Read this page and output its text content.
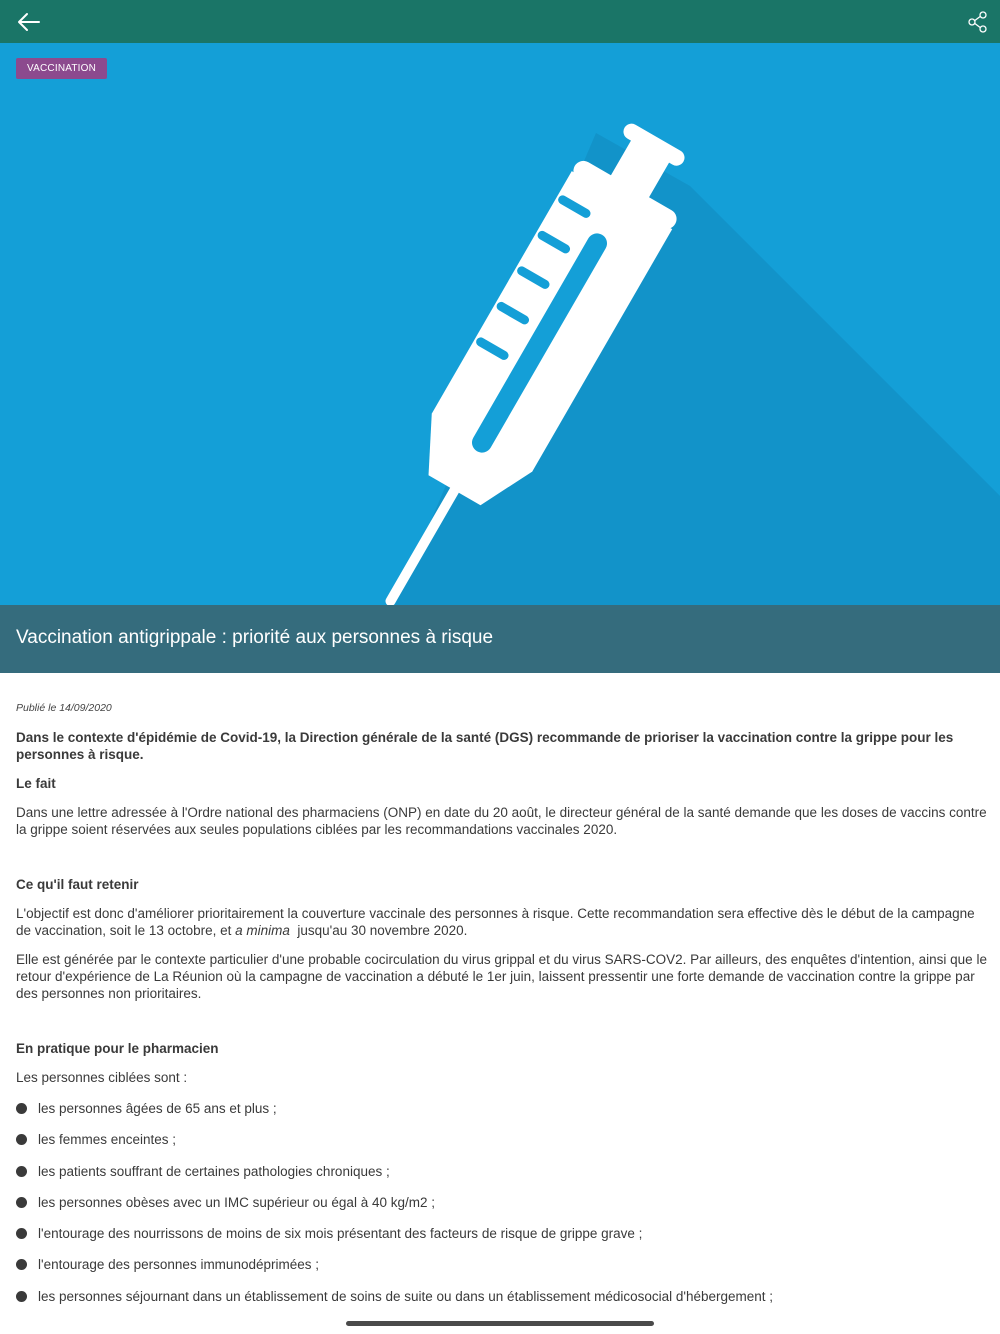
VACCINATION
Vaccination antigrippale : priorité aux personnes à risque

Publié le 14/09/2020

Dans le contexte d'épidémie de Covid-19, la Direction générale de la santé (DGS) recommande de prioriser la vaccination contre la grippe pour les personnes à risque.

Le fait

Dans une lettre adressée à l'Ordre national des pharmaciens (ONP) en date du 20 août, le directeur général de la santé demande que les doses de vaccins contre la grippe soient réservées aux seules populations ciblées par les recommandations vaccinales 2020.

Ce qu'il faut retenir

L'objectif est donc d'améliorer prioritairement la couverture vaccinale des personnes à risque. Cette recommandation sera effective dès le début de la campagne de vaccination, soit le 13 octobre, et a minima  jusqu'au 30 novembre 2020.

Elle est générée par le contexte particulier d'une probable cocirculation du virus grippal et du virus SARS-COV2. Par ailleurs, des enquêtes d'intention, ainsi que le retour d'expérience de La Réunion où la campagne de vaccination a débuté le 1er juin, laissent pressentir une forte demande de vaccination contre la grippe par des personnes non prioritaires.

En pratique pour le pharmacien

Les personnes ciblées sont :

les personnes âgées de 65 ans et plus ;
les femmes enceintes ;
les patients souffrant de certaines pathologies chroniques ;
les personnes obèses avec un IMC supérieur ou égal à 40 kg/m2 ;
l'entourage des nourrissons de moins de six mois présentant des facteurs de risque de grippe grave ;
l'entourage des personnes immunodéprimées ;
les personnes séjournant dans un établissement de soins de suite ou dans un établissement médicosocial d'hébergement ;
